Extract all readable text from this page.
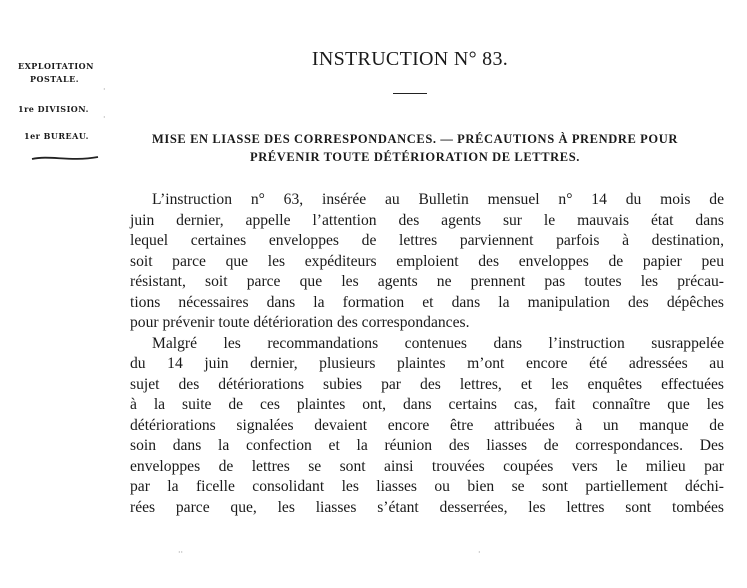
EXPLOITATION
POSTALE.
1re DIVISION.
1er BUREAU.
INSTRUCTION N° 83.
MISE EN LIASSE DES CORRESPONDANCES. — PRÉCAUTIONS À PRENDRE POUR
PRÉVENIR TOUTE DÉTÉRIORATION DE LETTRES.

L’instruction n° 63, insérée au Bulletin mensuel n° 14 du mois de
juin dernier, appelle l’attention des agents sur le mauvais état dans
lequel certaines enveloppes de lettres parviennent parfois à destination,
soit parce que les expéditeurs emploient des enveloppes de papier peu
résistant, soit parce que les agents ne prennent pas toutes les précau-
tions nécessaires dans la formation et dans la manipulation des dépêches
pour prévenir toute détérioration des correspondances.

Malgré les recommandations contenues dans l’instruction susrappelée
du 14 juin dernier, plusieurs plaintes m’ont encore été adressées au
sujet des détériorations subies par des lettres, et les enquêtes effectuées
à la suite de ces plaintes ont, dans certains cas, fait connaître que les
détériorations signalées devaient encore être attribuées à un manque de
soin dans la confection et la réunion des liasses de correspondances. Des
enveloppes de lettres se sont ainsi trouvées coupées vers le milieu par
par la ficelle consolidant les liasses ou bien se sont partiellement déchi-
rées parce que, les liasses s’étant desserrées, les lettres sont tombées

·
·
··	·
